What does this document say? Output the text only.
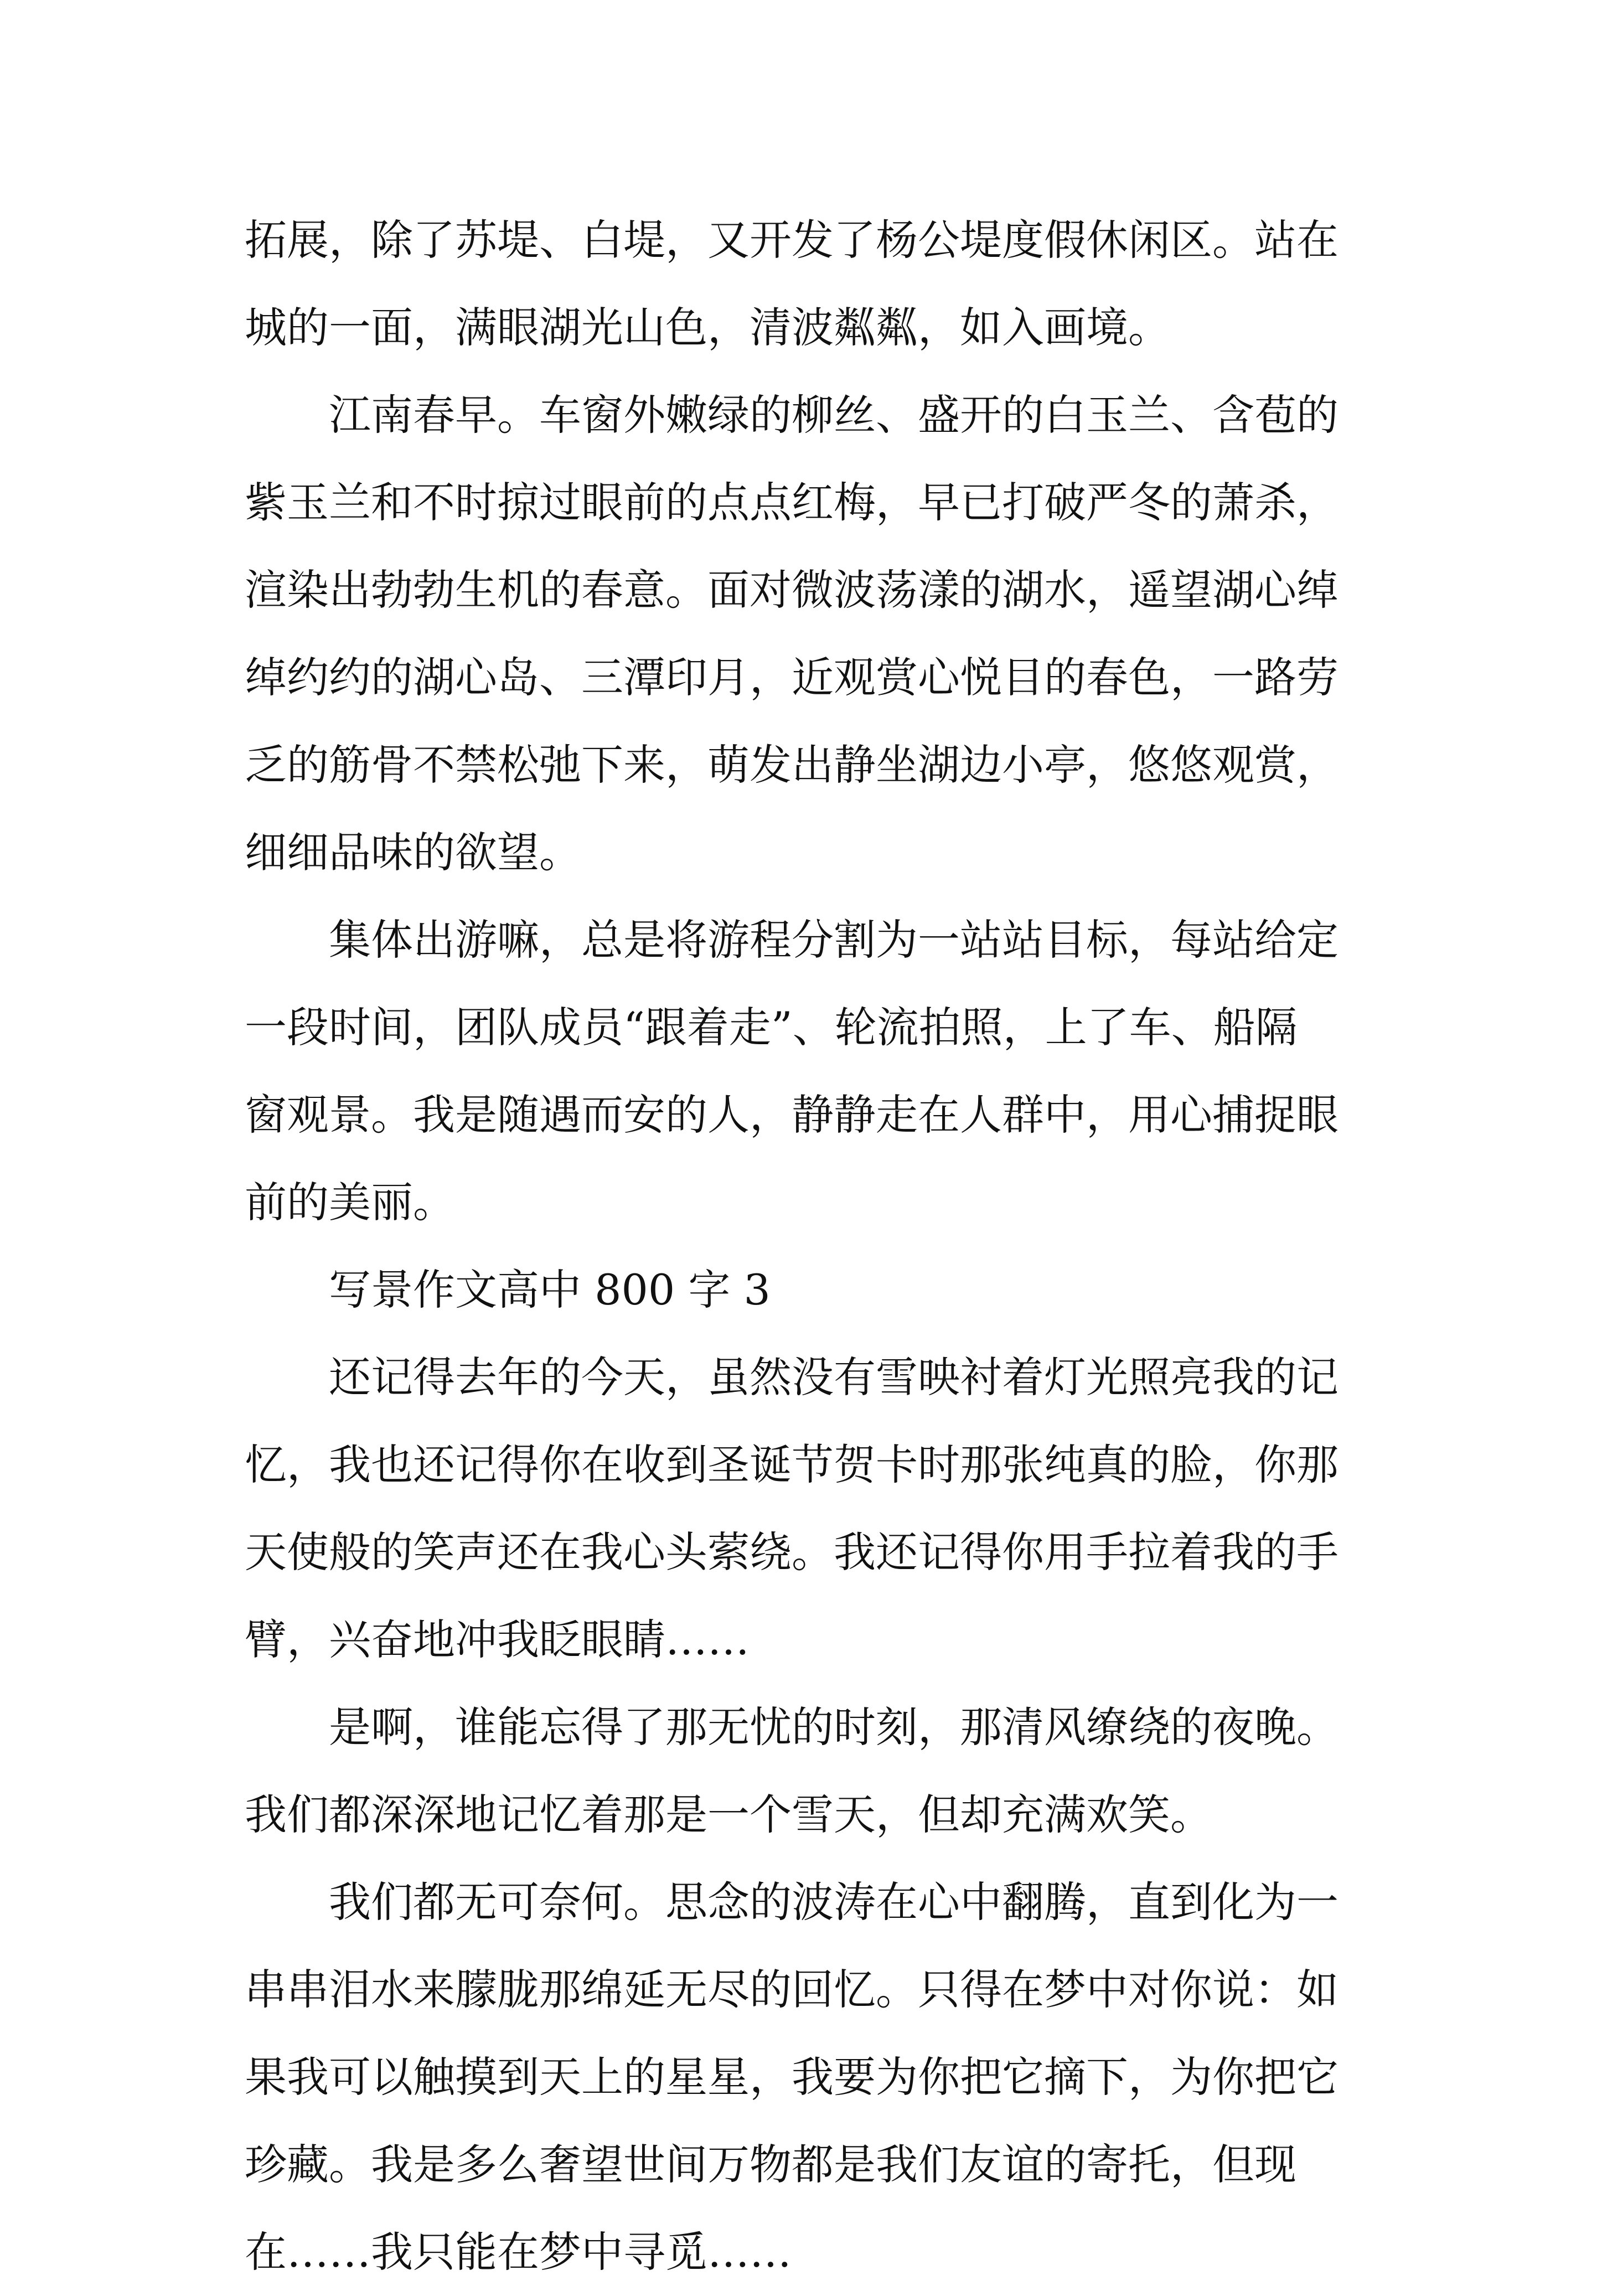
拓展，除了苏堤、白堤，又开发了杨公堤度假休闲区。站在
城的一面，满眼湖光山色，清波粼粼，如入画境。
　　江南春早。车窗外嫩绿的柳丝、盛开的白玉兰、含苞的
紫玉兰和不时掠过眼前的点点红梅，早已打破严冬的萧杀，
渲染出勃勃生机的春意。面对微波荡漾的湖水，遥望湖心绰
绰约约的湖心岛、三潭印月，近观赏心悦目的春色，一路劳
乏的筋骨不禁松弛下来，萌发出静坐湖边小亭，悠悠观赏，
细细品味的欲望。
　　集体出游嘛，总是将游程分割为一站站目标，每站给定
一段时间，团队成员“跟着走”、轮流拍照，上了车、船隔
窗观景。我是随遇而安的人，静静走在人群中，用心捕捉眼
前的美丽。
　　写景作文高中 800 字 3
　　还记得去年的今天，虽然没有雪映衬着灯光照亮我的记
忆，我也还记得你在收到圣诞节贺卡时那张纯真的脸，你那
天使般的笑声还在我心头萦绕。我还记得你用手拉着我的手
臂，兴奋地冲我眨眼睛……
　　是啊，谁能忘得了那无忧的时刻，那清风缭绕的夜晚。
我们都深深地记忆着那是一个雪天，但却充满欢笑。
　　我们都无可奈何。思念的波涛在心中翻腾，直到化为一
串串泪水来朦胧那绵延无尽的回忆。只得在梦中对你说：如
果我可以触摸到天上的星星，我要为你把它摘下，为你把它
珍藏。我是多么奢望世间万物都是我们友谊的寄托，但现
在……我只能在梦中寻觅……
